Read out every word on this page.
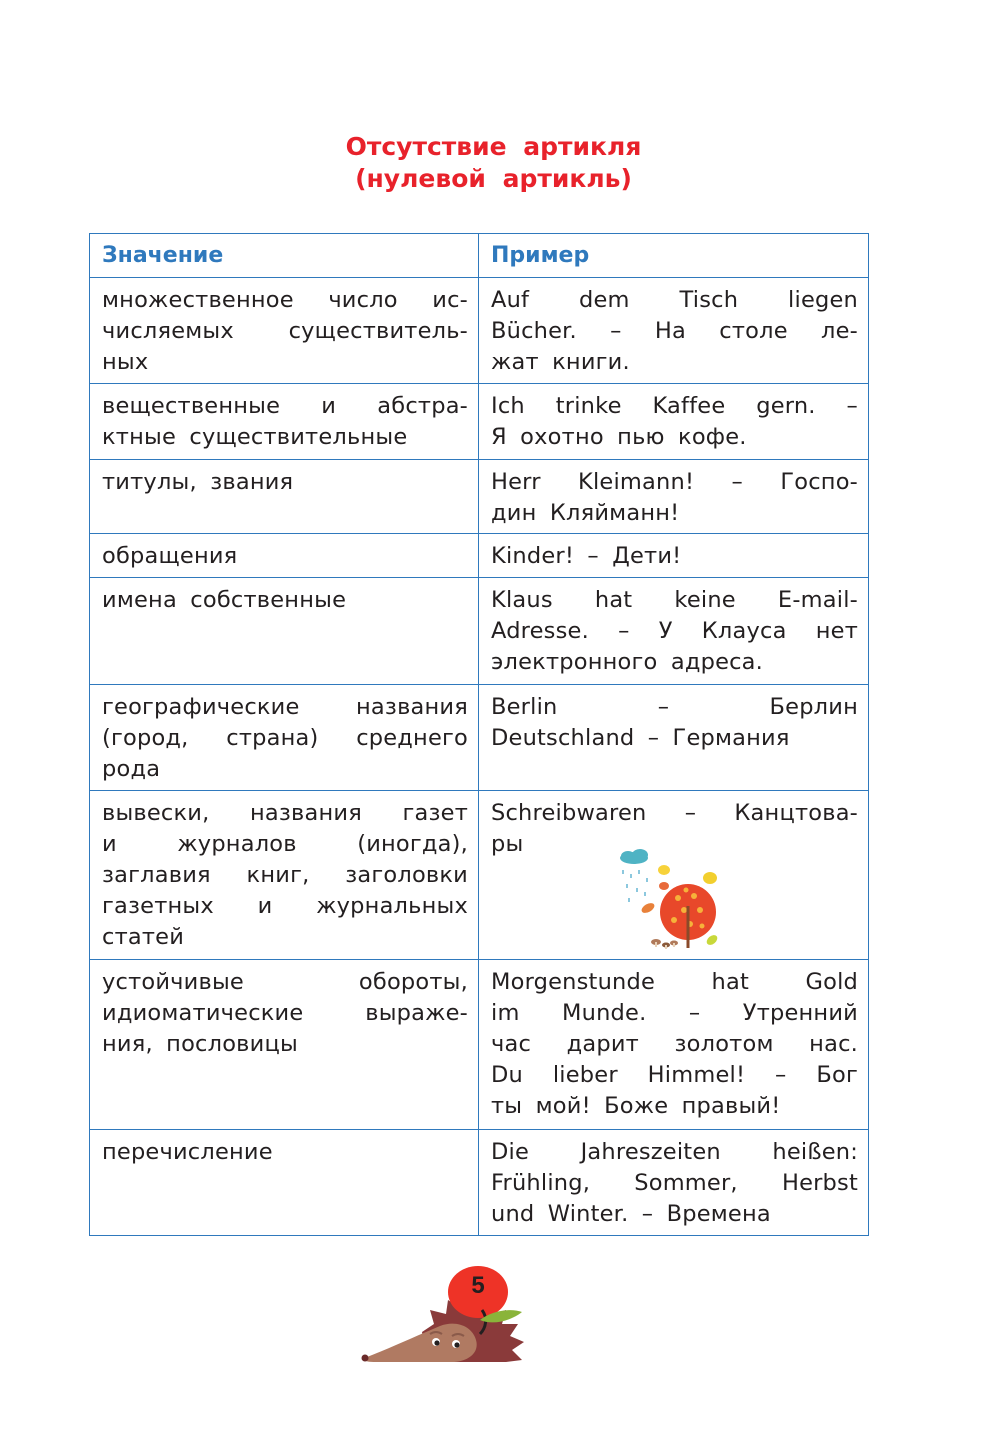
Отсутствие артикля
(нулевой артикль)
Значение	Пример

множественное число ис-
числяемых существитель-
ных	Auf dem Tisch liegen
Bücher. – На столе ле-
жат книги.

вещественные и абстра-
ктные существительные	Ich trinke Kaffee gern. –
Я охотно пью кофе.

титулы, звания	Herr Kleimann! – Госпо-
дин Кляйманн!

обращения	Kinder! – Дети!

имена собственные	Klaus hat keine E-mail-
Adresse. – У Клауса нет
электронного адреса.

географические названия
(город, страна) среднего
рода	Berlin – Берлин
Deutschland – Германия

вывески, названия газет
и журналов (иногда),
заглавия книг, заголовки
газетных и журнальных
статей	Schreibwaren – Канцтова-
ры

устойчивые обороты,
идиоматические выраже-
ния, пословицы	Morgenstunde hat Gold
im Munde. – Утренний
час дарит золотом нас.
Du lieber Himmel! – Бог
ты мой! Боже правый!

перечисление	Die Jahreszeiten heißen:
Frühling, Sommer, Herbst
und Winter. – Времена
5
